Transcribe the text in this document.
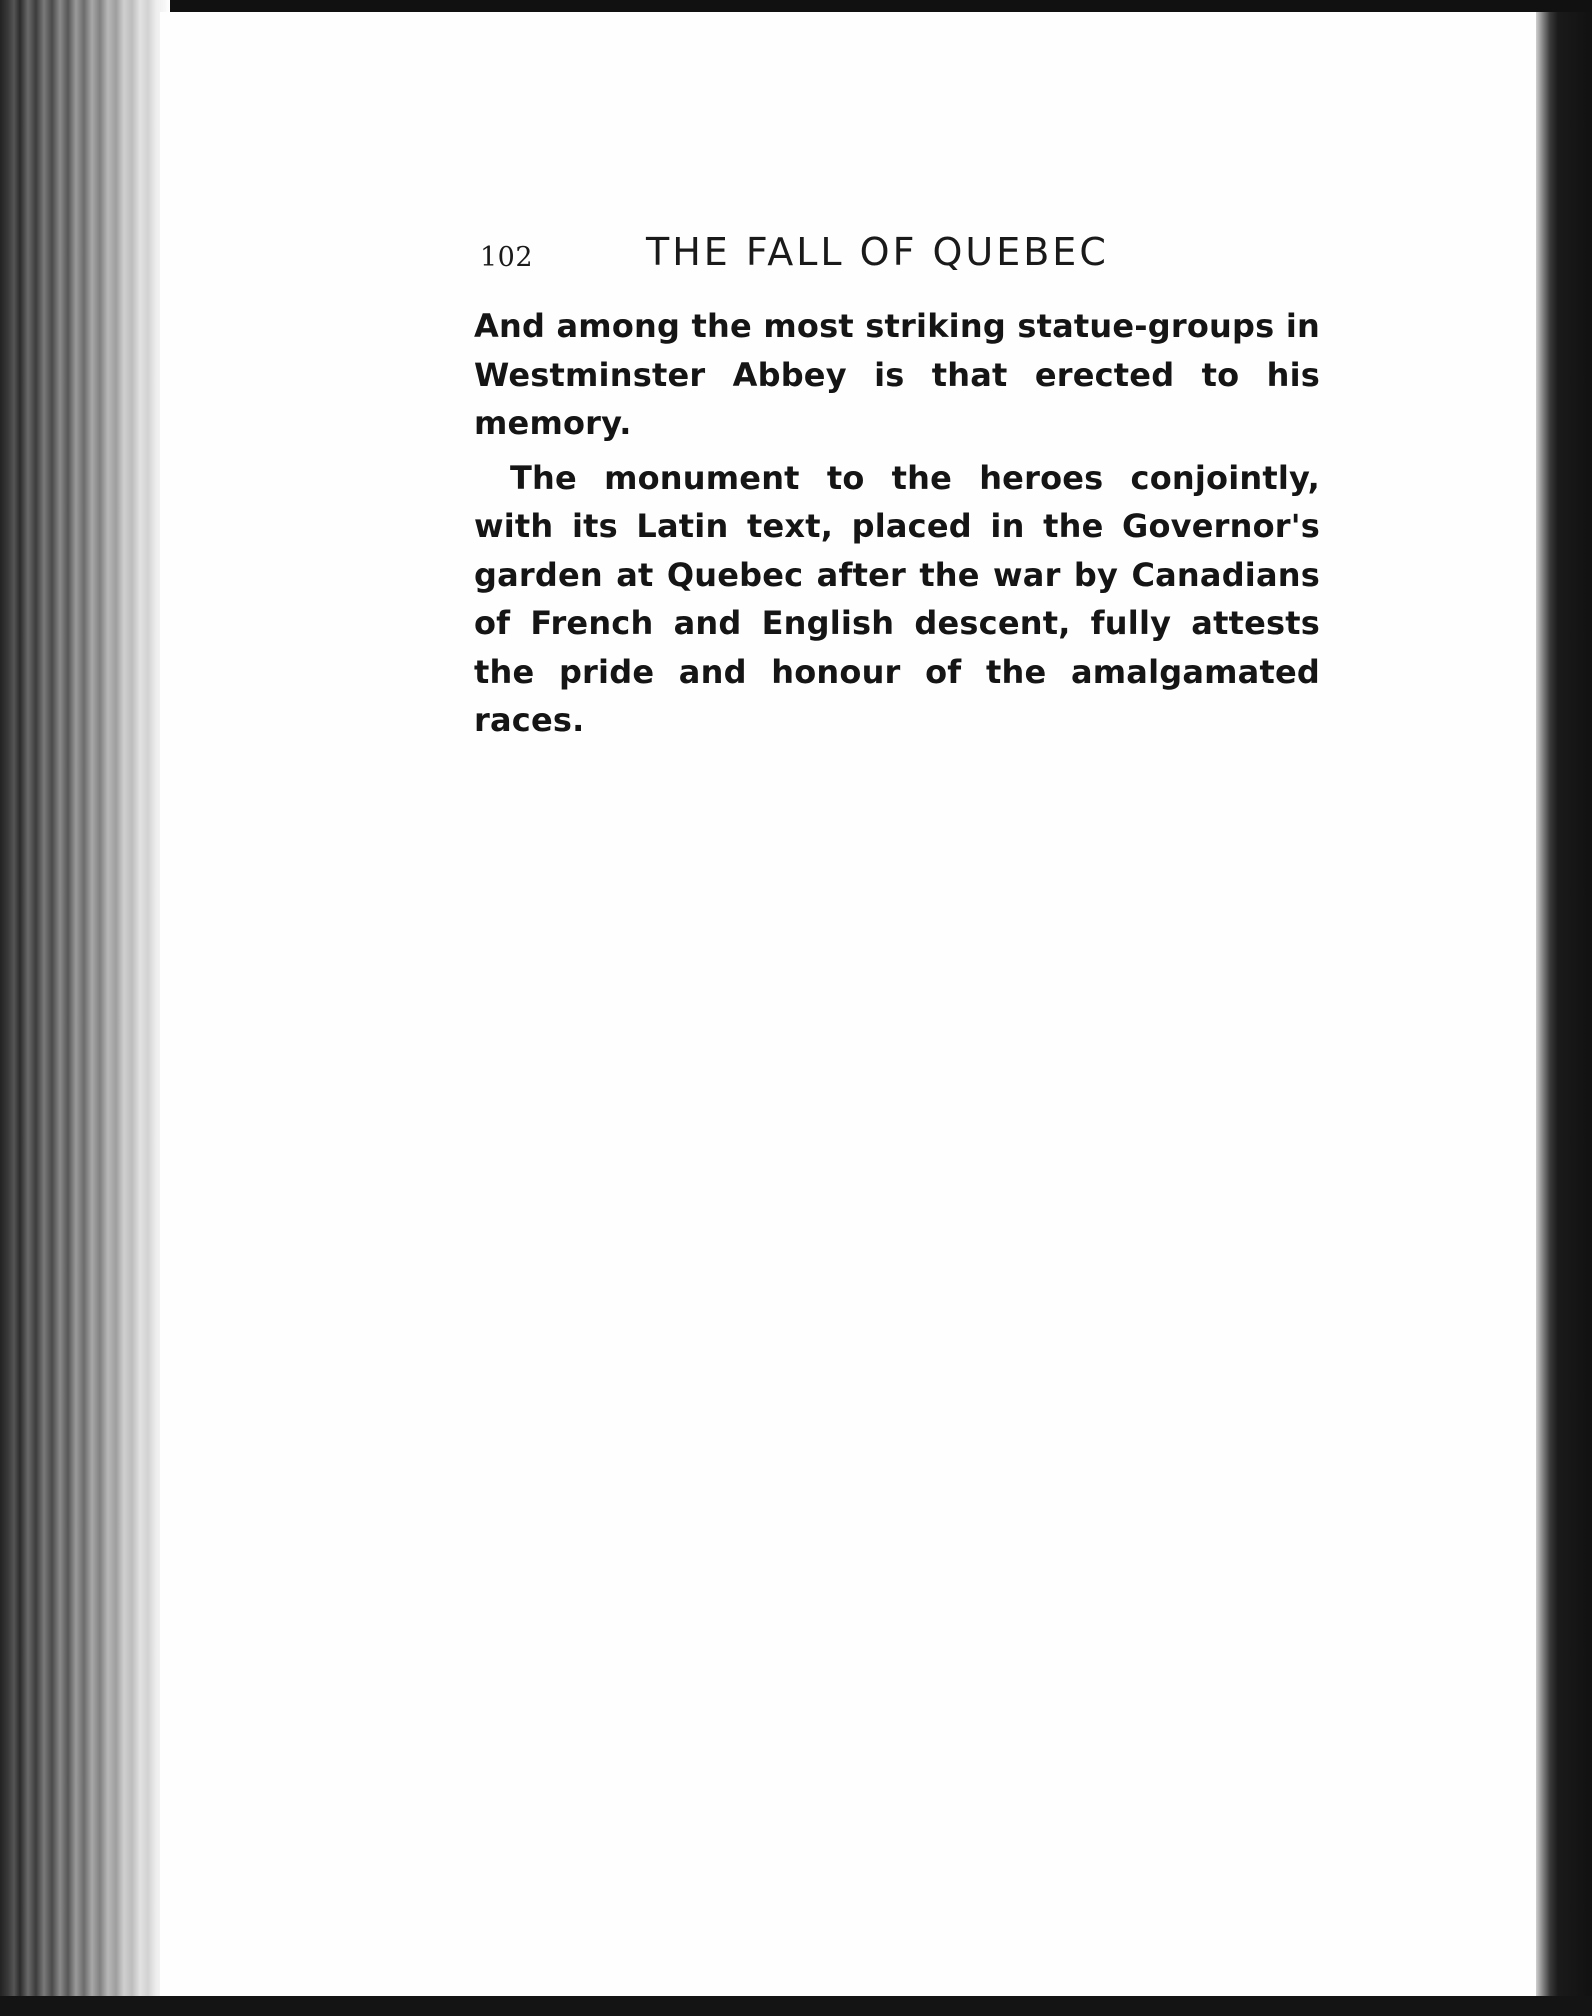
102	THE FALL OF QUEBEC

And among the most striking statue-groups in Westminster Abbey is that erected to his memory.

The monument to the heroes conjointly, with its Latin text, placed in the Governor's garden at Quebec after the war by Canadians of French and English descent, fully attests the pride and honour of the amalgamated races.
